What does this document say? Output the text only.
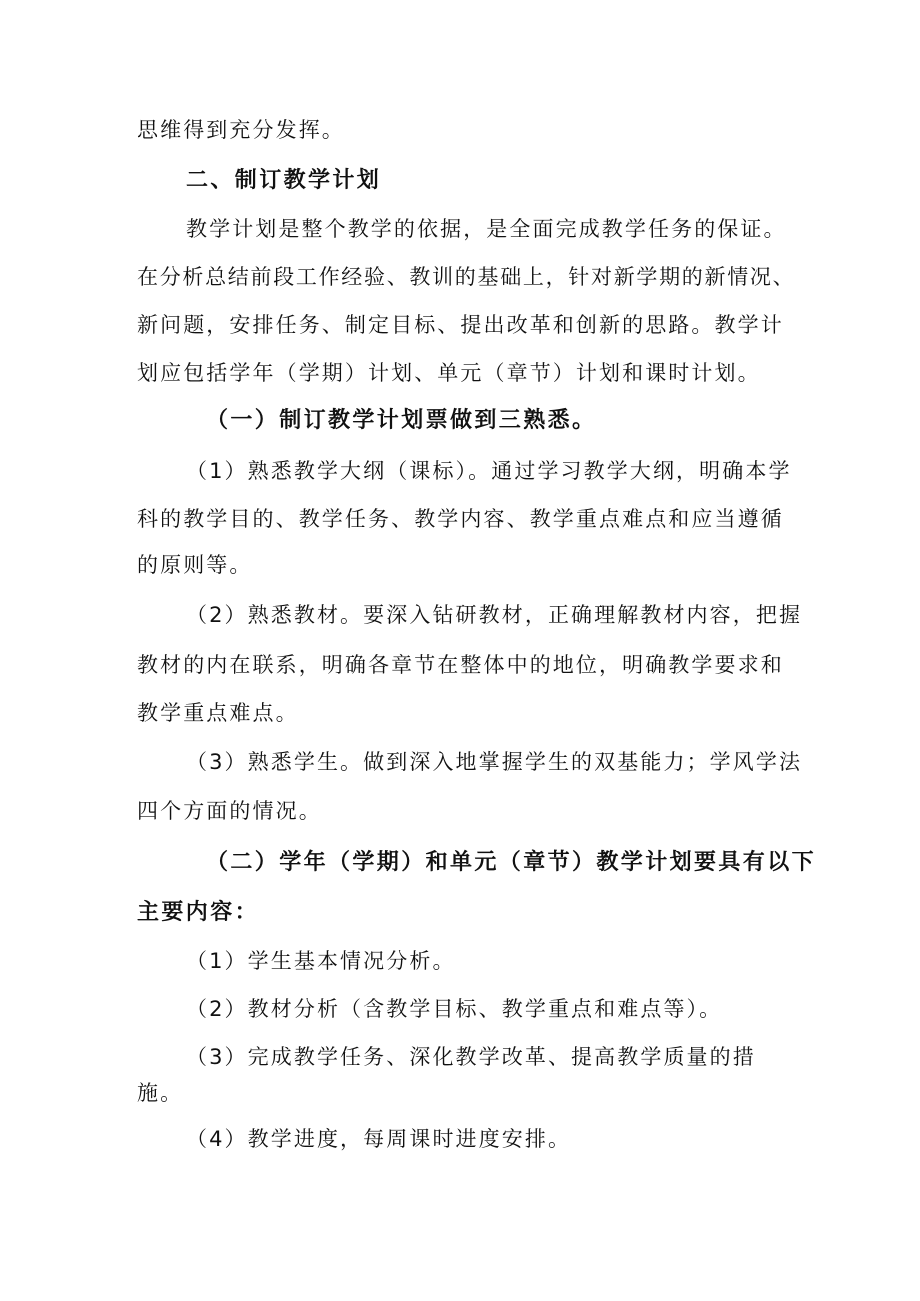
思维得到充分发挥。
二、制订教学计划
教学计划是整个教学的依据，是全面完成教学任务的保证。
在分析总结前段工作经验、教训的基础上，针对新学期的新情况、
新问题，安排任务、制定目标、提出改革和创新的思路。教学计
划应包括学年（学期）计划、单元（章节）计划和课时计划。
（一）制订教学计划票做到三熟悉。
（1）熟悉教学大纲（课标）。通过学习教学大纲，明确本学
科的教学目的、教学任务、教学内容、教学重点难点和应当遵循
的原则等。
（2）熟悉教材。要深入钻研教材，正确理解教材内容，把握
教材的内在联系，明确各章节在整体中的地位，明确教学要求和
教学重点难点。
（3）熟悉学生。做到深入地掌握学生的双基能力；学风学法
四个方面的情况。
（二）学年（学期）和单元（章节）教学计划要具有以下
主要内容：
（1）学生基本情况分析。
（2）教材分析（含教学目标、教学重点和难点等）。
（3）完成教学任务、深化教学改革、提高教学质量的措
施。
（4）教学进度，每周课时进度安排。
